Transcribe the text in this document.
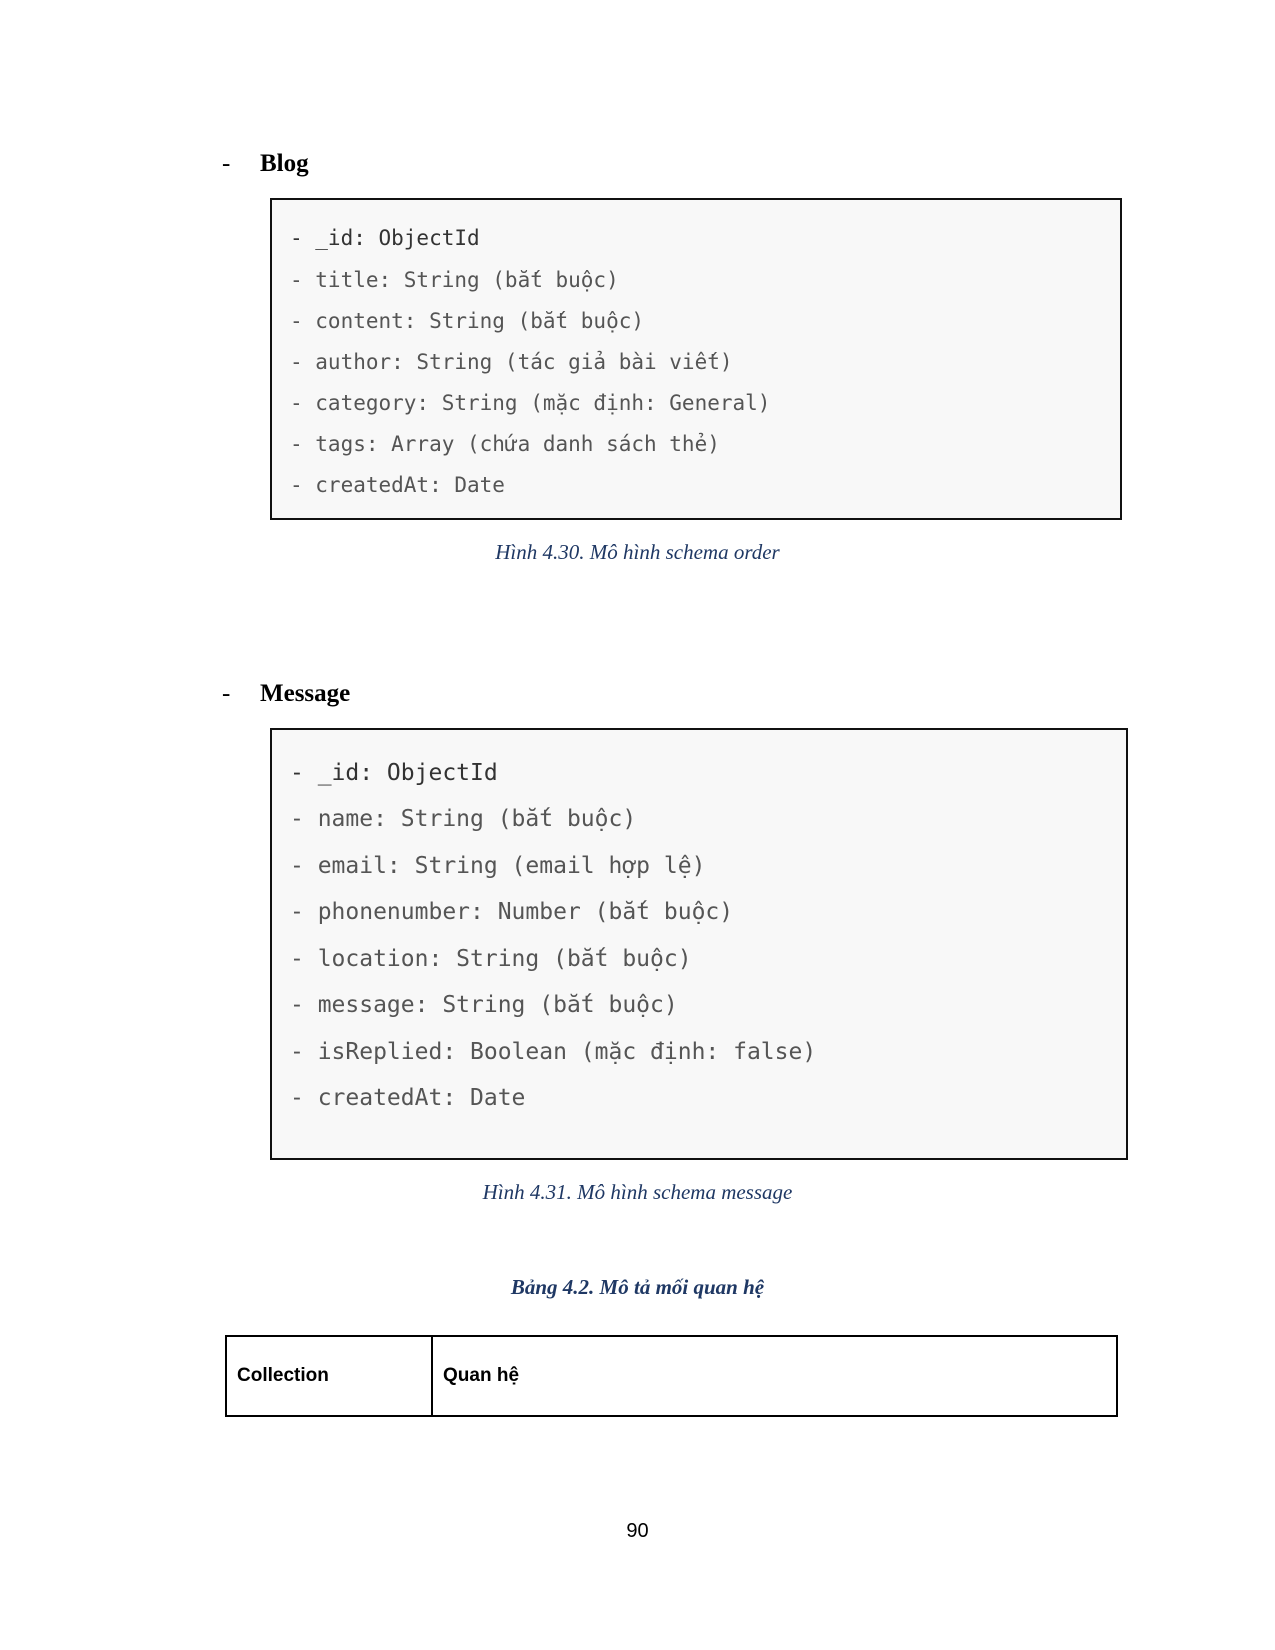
- Blog
- _id: ObjectId
- title: String (bắt buộc)
- content: String (bắt buộc)
- author: String (tác giả bài viết)
- category: String (mặc định: General)
- tags: Array (chứa danh sách thẻ)
- createdAt: Date
Hình 4.30. Mô hình schema order
- Message
- _id: ObjectId
- name: String (bắt buộc)
- email: String (email hợp lệ)
- phonenumber: Number (bắt buộc)
- location: String (bắt buộc)
- message: String (bắt buộc)
- isReplied: Boolean (mặc định: false)
- createdAt: Date
Hình 4.31. Mô hình schema message
Bảng 4.2. Mô tả mối quan hệ
Collection	Quan hệ
90
